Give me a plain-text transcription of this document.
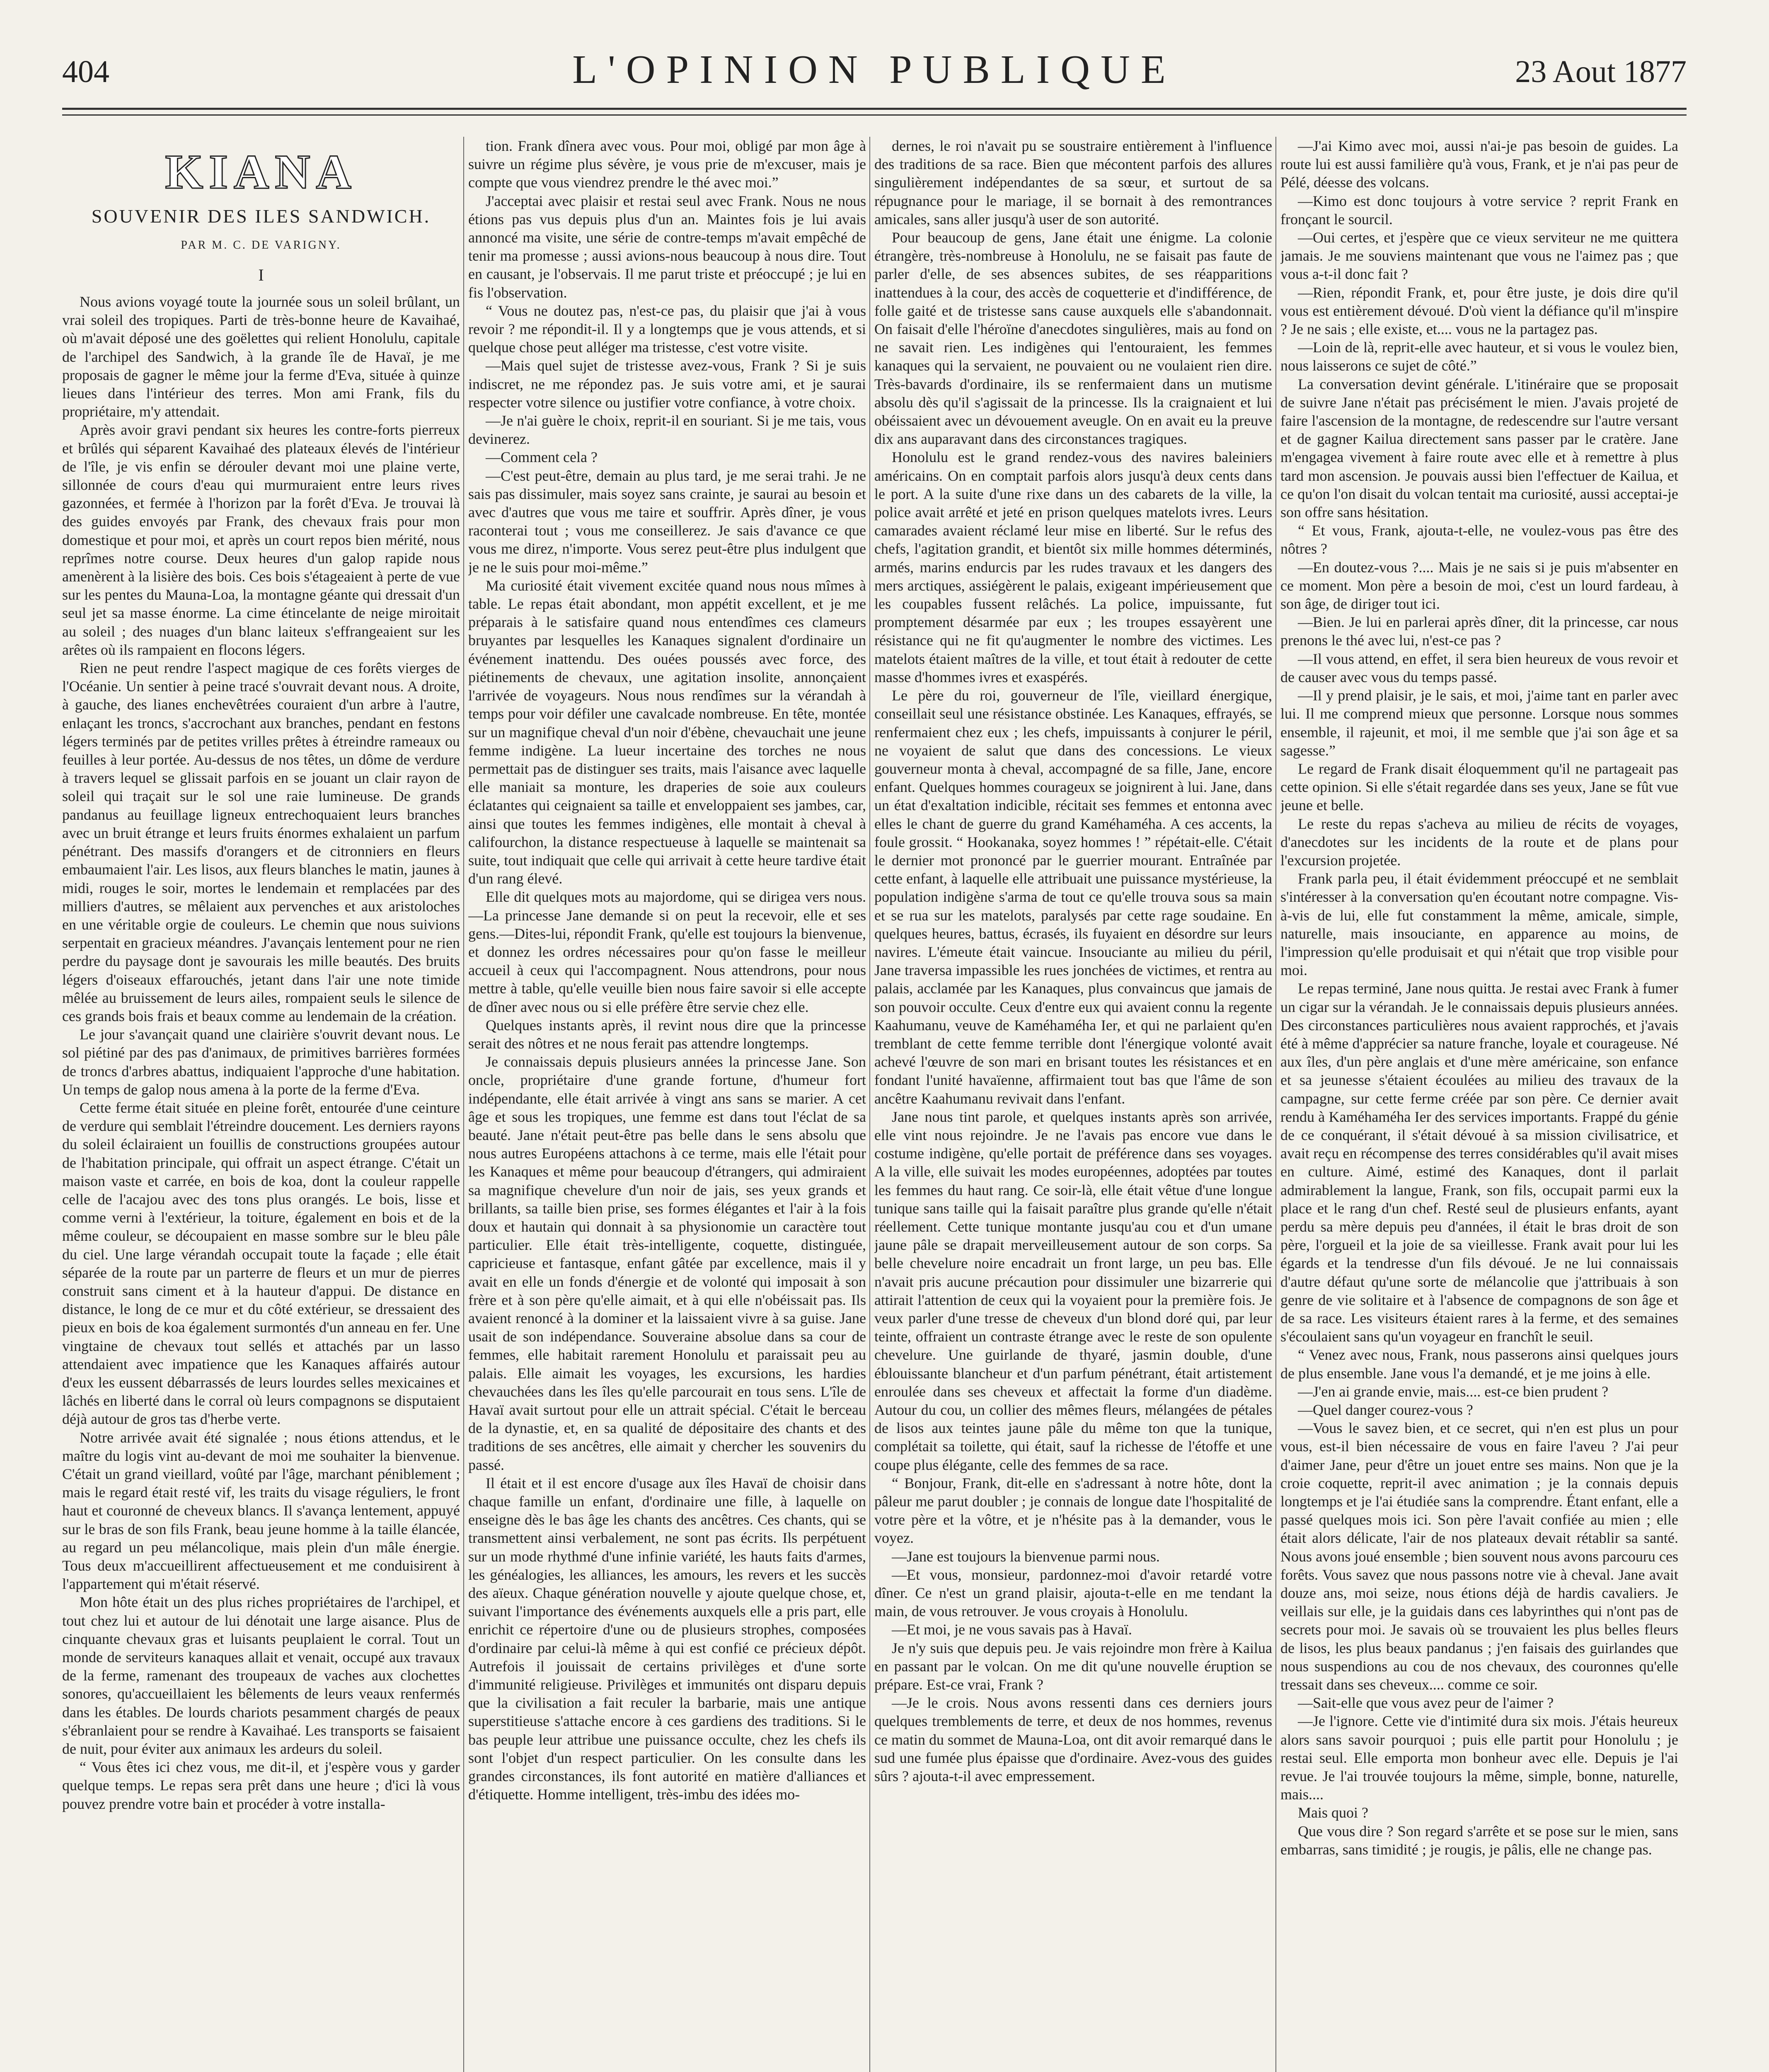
404	L'OPINION PUBLIQUE	23 Aout 1877

KIANA

SOUVENIR DES ILES SANDWICH.

PAR M. C. DE VARIGNY.

I

Nous avions voyagé toute la journée sous un soleil brûlant, un vrai soleil des tropiques. Parti de très-bonne heure de Kavaihaé, où m'avait déposé une des goëlettes qui relient Honolulu, capitale de l'archipel des Sandwich, à la grande île de Havaï, je me proposais de gagner le même jour la ferme d'Eva, située à quinze lieues dans l'intérieur des terres. Mon ami Frank, fils du propriétaire, m'y attendait.

Après avoir gravi pendant six heures les contre-forts pierreux et brûlés qui séparent Kavaihaé des plateaux élevés de l'intérieur de l'île, je vis enfin se dérouler devant moi une plaine verte, sillonnée de cours d'eau qui murmuraient entre leurs rives gazonnées, et fermée à l'horizon par la forêt d'Eva. Je trouvai là des guides envoyés par Frank, des chevaux frais pour mon domestique et pour moi, et après un court repos bien mérité, nous reprîmes notre course. Deux heures d'un galop rapide nous amenèrent à la lisière des bois. Ces bois s'étageaient à perte de vue sur les pentes du Mauna-Loa, la montagne géante qui dressait d'un seul jet sa masse énorme. La cime étincelante de neige miroitait au soleil ; des nuages d'un blanc laiteux s'effrangeaient sur les arêtes où ils rampaient en flocons légers.

Rien ne peut rendre l'aspect magique de ces forêts vierges de l'Océanie. Un sentier à peine tracé s'ouvrait devant nous. A droite, à gauche, des lianes enchevêtrées couraient d'un arbre à l'autre, enlaçant les troncs, s'accrochant aux branches, pendant en festons légers terminés par de petites vrilles prêtes à étreindre rameaux ou feuilles à leur portée. Au-dessus de nos têtes, un dôme de verdure à travers lequel se glissait parfois en se jouant un clair rayon de soleil qui traçait sur le sol une raie lumineuse. De grands pandanus au feuillage ligneux entrechoquaient leurs branches avec un bruit étrange et leurs fruits énormes exhalaient un parfum pénétrant. Des massifs d'orangers et de citronniers en fleurs embaumaient l'air. Les lisos, aux fleurs blanches le matin, jaunes à midi, rouges le soir, mortes le lendemain et remplacées par des milliers d'autres, se mêlaient aux pervenches et aux aristoloches en une véritable orgie de couleurs. Le chemin que nous suivions serpentait en gracieux méandres. J'avançais lentement pour ne rien perdre du paysage dont je savourais les mille beautés. Des bruits légers d'oiseaux effarouchés, jetant dans l'air une note timide mêlée au bruissement de leurs ailes, rompaient seuls le silence de ces grands bois frais et beaux comme au lendemain de la création.

Le jour s'avançait quand une clairière s'ouvrit devant nous. Le sol piétiné par des pas d'animaux, de primitives barrières formées de troncs d'arbres abattus, indiquaient l'approche d'une habitation. Un temps de galop nous amena à la porte de la ferme d'Eva.

Cette ferme était située en pleine forêt, entourée d'une ceinture de verdure qui semblait l'étreindre doucement. Les derniers rayons du soleil éclairaient un fouillis de constructions groupées autour de l'habitation principale, qui offrait un aspect étrange. C'était un maison vaste et carrée, en bois de koa, dont la couleur rappelle celle de l'acajou avec des tons plus orangés. Le bois, lisse et comme verni à l'extérieur, la toiture, également en bois et de la même couleur, se découpaient en masse sombre sur le bleu pâle du ciel. Une large vérandah occupait toute la façade ; elle était séparée de la route par un parterre de fleurs et un mur de pierres construit sans ciment et à la hauteur d'appui. De distance en distance, le long de ce mur et du côté extérieur, se dressaient des pieux en bois de koa également surmontés d'un anneau en fer. Une vingtaine de chevaux tout sellés et attachés par un lasso attendaient avec impatience que les Kanaques affairés autour d'eux les eussent débarrassés de leurs lourdes selles mexicaines et lâchés en liberté dans le corral où leurs compagnons se disputaient déjà autour de gros tas d'herbe verte.

Notre arrivée avait été signalée ; nous étions attendus, et le maître du logis vint au-devant de moi me souhaiter la bienvenue. C'était un grand vieillard, voûté par l'âge, marchant péniblement ; mais le regard était resté vif, les traits du visage réguliers, le front haut et couronné de cheveux blancs. Il s'avança lentement, appuyé sur le bras de son fils Frank, beau jeune homme à la taille élancée, au regard un peu mélancolique, mais plein d'un mâle énergie. Tous deux m'accueillirent affectueusement et me conduisirent à l'appartement qui m'était réservé.

Mon hôte était un des plus riches propriétaires de l'archipel, et tout chez lui et autour de lui dénotait une large aisance. Plus de cinquante chevaux gras et luisants peuplaient le corral. Tout un monde de serviteurs kanaques allait et venait, occupé aux travaux de la ferme, ramenant des troupeaux de vaches aux clochettes sonores, qu'accueillaient les bêlements de leurs veaux renfermés dans les étables. De lourds chariots pesamment chargés de peaux s'ébranlaient pour se rendre à Kavaihaé. Les transports se faisaient de nuit, pour éviter aux animaux les ardeurs du soleil.

“ Vous êtes ici chez vous, me dit-il, et j'espère vous y garder quelque temps. Le repas sera prêt dans une heure ; d'ici là vous pouvez prendre votre bain et procéder à votre installa-

tion. Frank dînera avec vous. Pour moi, obligé par mon âge à suivre un régime plus sévère, je vous prie de m'excuser, mais je compte que vous viendrez prendre le thé avec moi.”

J'acceptai avec plaisir et restai seul avec Frank. Nous ne nous étions pas vus depuis plus d'un an. Maintes fois je lui avais annoncé ma visite, une série de contre-temps m'avait empêché de tenir ma promesse ; aussi avions-nous beaucoup à nous dire. Tout en causant, je l'observais. Il me parut triste et préoccupé ; je lui en fis l'observation.

“ Vous ne doutez pas, n'est-ce pas, du plaisir que j'ai à vous revoir ? me répondit-il. Il y a longtemps que je vous attends, et si quelque chose peut alléger ma tristesse, c'est votre visite.

—Mais quel sujet de tristesse avez-vous, Frank ? Si je suis indiscret, ne me répondez pas. Je suis votre ami, et je saurai respecter votre silence ou justifier votre confiance, à votre choix.

—Je n'ai guère le choix, reprit-il en souriant. Si je me tais, vous devinerez.

—Comment cela ?

—C'est peut-être, demain au plus tard, je me serai trahi. Je ne sais pas dissimuler, mais soyez sans crainte, je saurai au besoin et avec d'autres que vous me taire et souffrir. Après dîner, je vous raconterai tout ; vous me conseillerez. Je sais d'avance ce que vous me direz, n'importe. Vous serez peut-être plus indulgent que je ne le suis pour moi-même.”

Ma curiosité était vivement excitée quand nous nous mîmes à table. Le repas était abondant, mon appétit excellent, et je me préparais à le satisfaire quand nous entendîmes ces clameurs bruyantes par lesquelles les Kanaques signalent d'ordinaire un événement inattendu. Des ouées poussés avec force, des piétinements de chevaux, une agitation insolite, annonçaient l'arrivée de voyageurs. Nous nous rendîmes sur la vérandah à temps pour voir défiler une cavalcade nombreuse. En tête, montée sur un magnifique cheval d'un noir d'ébène, chevauchait une jeune femme indigène. La lueur incertaine des torches ne nous permettait pas de distinguer ses traits, mais l'aisance avec laquelle elle maniait sa monture, les draperies de soie aux couleurs éclatantes qui ceignaient sa taille et enveloppaient ses jambes, car, ainsi que toutes les femmes indigènes, elle montait à cheval à califourchon, la distance respectueuse à laquelle se maintenait sa suite, tout indiquait que celle qui arrivait à cette heure tardive était d'un rang élevé.

Elle dit quelques mots au majordome, qui se dirigea vers nous.—La princesse Jane demande si on peut la recevoir, elle et ses gens.—Dites-lui, répondit Frank, qu'elle est toujours la bienvenue, et donnez les ordres nécessaires pour qu'on fasse le meilleur accueil à ceux qui l'accompagnent. Nous attendrons, pour nous mettre à table, qu'elle veuille bien nous faire savoir si elle accepte de dîner avec nous ou si elle préfère être servie chez elle.

Quelques instants après, il revint nous dire que la princesse serait des nôtres et ne nous ferait pas attendre longtemps.

Je connaissais depuis plusieurs années la princesse Jane. Son oncle, propriétaire d'une grande fortune, d'humeur fort indépendante, elle était arrivée à vingt ans sans se marier. A cet âge et sous les tropiques, une femme est dans tout l'éclat de sa beauté. Jane n'était peut-être pas belle dans le sens absolu que nous autres Européens attachons à ce terme, mais elle l'était pour les Kanaques et même pour beaucoup d'étrangers, qui admiraient sa magnifique chevelure d'un noir de jais, ses yeux grands et brillants, sa taille bien prise, ses formes élégantes et l'air à la fois doux et hautain qui donnait à sa physionomie un caractère tout particulier. Elle était très-intelligente, coquette, distinguée, capricieuse et fantasque, enfant gâtée par excellence, mais il y avait en elle un fonds d'énergie et de volonté qui imposait à son frère et à son père qu'elle aimait, et à qui elle n'obéissait pas. Ils avaient renoncé à la dominer et la laissaient vivre à sa guise. Jane usait de son indépendance. Souveraine absolue dans sa cour de femmes, elle habitait rarement Honolulu et paraissait peu au palais. Elle aimait les voyages, les excursions, les hardies chevauchées dans les îles qu'elle parcourait en tous sens. L'île de Havaï avait surtout pour elle un attrait spécial. C'était le berceau de la dynastie, et, en sa qualité de dépositaire des chants et des traditions de ses ancêtres, elle aimait y chercher les souvenirs du passé.

Il était et il est encore d'usage aux îles Havaï de choisir dans chaque famille un enfant, d'ordinaire une fille, à laquelle on enseigne dès le bas âge les chants des ancêtres. Ces chants, qui se transmettent ainsi verbalement, ne sont pas écrits. Ils perpétuent sur un mode rhythmé d'une infinie variété, les hauts faits d'armes, les généalogies, les alliances, les amours, les revers et les succès des aïeux. Chaque génération nouvelle y ajoute quelque chose, et, suivant l'importance des événements auxquels elle a pris part, elle enrichit ce répertoire d'une ou de plusieurs strophes, composées d'ordinaire par celui-là même à qui est confié ce précieux dépôt. Autrefois il jouissait de certains privilèges et d'une sorte d'immunité religieuse. Privilèges et immunités ont disparu depuis que la civilisation a fait reculer la barbarie, mais une antique superstitieuse s'attache encore à ces gardiens des traditions. Si le bas peuple leur attribue une puissance occulte, chez les chefs ils sont l'objet d'un respect particulier. On les consulte dans les grandes circonstances, ils font autorité en matière d'alliances et d'étiquette. Homme intelligent, très-imbu des idées mo-

dernes, le roi n'avait pu se soustraire entièrement à l'influence des traditions de sa race. Bien que mécontent parfois des allures singulièrement indépendantes de sa sœur, et surtout de sa répugnance pour le mariage, il se bornait à des remontrances amicales, sans aller jusqu'à user de son autorité.

Pour beaucoup de gens, Jane était une énigme. La colonie étrangère, très-nombreuse à Honolulu, ne se faisait pas faute de parler d'elle, de ses absences subites, de ses réapparitions inattendues à la cour, des accès de coquetterie et d'indifférence, de folle gaité et de tristesse sans cause auxquels elle s'abandonnait. On faisait d'elle l'héroïne d'anecdotes singulières, mais au fond on ne savait rien. Les indigènes qui l'entouraient, les femmes kanaques qui la servaient, ne pouvaient ou ne voulaient rien dire. Très-bavards d'ordinaire, ils se renfermaient dans un mutisme absolu dès qu'il s'agissait de la princesse. Ils la craignaient et lui obéissaient avec un dévouement aveugle. On en avait eu la preuve dix ans auparavant dans des circonstances tragiques.

Honolulu est le grand rendez-vous des navires baleiniers américains. On en comptait parfois alors jusqu'à deux cents dans le port. A la suite d'une rixe dans un des cabarets de la ville, la police avait arrêté et jeté en prison quelques matelots ivres. Leurs camarades avaient réclamé leur mise en liberté. Sur le refus des chefs, l'agitation grandit, et bientôt six mille hommes déterminés, armés, marins endurcis par les rudes travaux et les dangers des mers arctiques, assiégèrent le palais, exigeant impérieusement que les coupables fussent relâchés. La police, impuissante, fut promptement désarmée par eux ; les troupes essayèrent une résistance qui ne fit qu'augmenter le nombre des victimes. Les matelots étaient maîtres de la ville, et tout était à redouter de cette masse d'hommes ivres et exaspérés.

Le père du roi, gouverneur de l'île, vieillard énergique, conseillait seul une résistance obstinée. Les Kanaques, effrayés, se renfermaient chez eux ; les chefs, impuissants à conjurer le péril, ne voyaient de salut que dans des concessions. Le vieux gouverneur monta à cheval, accompagné de sa fille, Jane, encore enfant. Quelques hommes courageux se joignirent à lui. Jane, dans un état d'exaltation indicible, récitait ses femmes et entonna avec elles le chant de guerre du grand Kaméhaméha. A ces accents, la foule grossit. “ Hookanaka, soyez hommes ! ” répétait-elle. C'était le dernier mot prononcé par le guerrier mourant. Entraînée par cette enfant, à laquelle elle attribuait une puissance mystérieuse, la population indigène s'arma de tout ce qu'elle trouva sous sa main et se rua sur les matelots, paralysés par cette rage soudaine. En quelques heures, battus, écrasés, ils fuyaient en désordre sur leurs navires. L'émeute était vaincue. Insouciante au milieu du péril, Jane traversa impassible les rues jonchées de victimes, et rentra au palais, acclamée par les Kanaques, plus convaincus que jamais de son pouvoir occulte. Ceux d'entre eux qui avaient connu la regente Kaahumanu, veuve de Kaméhaméha Ier, et qui ne parlaient qu'en tremblant de cette femme terrible dont l'énergique volonté avait achevé l'œuvre de son mari en brisant toutes les résistances et en fondant l'unité havaïenne, affirmaient tout bas que l'âme de son ancêtre Kaahumanu revivait dans l'enfant.

Jane nous tint parole, et quelques instants après son arrivée, elle vint nous rejoindre. Je ne l'avais pas encore vue dans le costume indigène, qu'elle portait de préférence dans ses voyages. A la ville, elle suivait les modes européennes, adoptées par toutes les femmes du haut rang. Ce soir-là, elle était vêtue d'une longue tunique sans taille qui la faisait paraître plus grande qu'elle n'était réellement. Cette tunique montante jusqu'au cou et d'un umane jaune pâle se drapait merveilleusement autour de son corps. Sa belle chevelure noire encadrait un front large, un peu bas. Elle n'avait pris aucune précaution pour dissimuler une bizarrerie qui attirait l'attention de ceux qui la voyaient pour la première fois. Je veux parler d'une tresse de cheveux d'un blond doré qui, par leur teinte, offraient un contraste étrange avec le reste de son opulente chevelure. Une guirlande de thyaré, jasmin double, d'une éblouissante blancheur et d'un parfum pénétrant, était artistement enroulée dans ses cheveux et affectait la forme d'un diadème. Autour du cou, un collier des mêmes fleurs, mélangées de pétales de lisos aux teintes jaune pâle du même ton que la tunique, complétait sa toilette, qui était, sauf la richesse de l'étoffe et une coupe plus élégante, celle des femmes de sa race.

“ Bonjour, Frank, dit-elle en s'adressant à notre hôte, dont la pâleur me parut doubler ; je connais de longue date l'hospitalité de votre père et la vôtre, et je n'hésite pas à la demander, vous le voyez.

—Jane est toujours la bienvenue parmi nous.

—Et vous, monsieur, pardonnez-moi d'avoir retardé votre dîner. Ce n'est un grand plaisir, ajouta-t-elle en me tendant la main, de vous retrouver. Je vous croyais à Honolulu.

—Et moi, je ne vous savais pas à Havaï.

Je n'y suis que depuis peu. Je vais rejoindre mon frère à Kailua en passant par le volcan. On me dit qu'une nouvelle éruption se prépare. Est-ce vrai, Frank ?

—Je le crois. Nous avons ressenti dans ces derniers jours quelques tremblements de terre, et deux de nos hommes, revenus ce matin du sommet de Mauna-Loa, ont dit avoir remarqué dans le sud une fumée plus épaisse que d'ordinaire. Avez-vous des guides sûrs ? ajouta-t-il avec empressement.

—J'ai Kimo avec moi, aussi n'ai-je pas besoin de guides. La route lui est aussi familière qu'à vous, Frank, et je n'ai pas peur de Pélé, déesse des volcans.

—Kimo est donc toujours à votre service ? reprit Frank en fronçant le sourcil.

—Oui certes, et j'espère que ce vieux serviteur ne me quittera jamais. Je me souviens maintenant que vous ne l'aimez pas ; que vous a-t-il donc fait ?

—Rien, répondit Frank, et, pour être juste, je dois dire qu'il vous est entièrement dévoué. D'où vient la défiance qu'il m'inspire ? Je ne sais ; elle existe, et.... vous ne la partagez pas.

—Loin de là, reprit-elle avec hauteur, et si vous le voulez bien, nous laisserons ce sujet de côté.”

La conversation devint générale. L'itinéraire que se proposait de suivre Jane n'était pas précisément le mien. J'avais projeté de faire l'ascension de la montagne, de redescendre sur l'autre versant et de gagner Kailua directement sans passer par le cratère. Jane m'engagea vivement à faire route avec elle et à remettre à plus tard mon ascension. Je pouvais aussi bien l'effectuer de Kailua, et ce qu'on l'on disait du volcan tentait ma curiosité, aussi acceptai-je son offre sans hésitation.

“ Et vous, Frank, ajouta-t-elle, ne voulez-vous pas être des nôtres ?

—En doutez-vous ?.... Mais je ne sais si je puis m'absenter en ce moment. Mon père a besoin de moi, c'est un lourd fardeau, à son âge, de diriger tout ici.

—Bien. Je lui en parlerai après dîner, dit la princesse, car nous prenons le thé avec lui, n'est-ce pas ?

—Il vous attend, en effet, il sera bien heureux de vous revoir et de causer avec vous du temps passé.

—Il y prend plaisir, je le sais, et moi, j'aime tant en parler avec lui. Il me comprend mieux que personne. Lorsque nous sommes ensemble, il rajeunit, et moi, il me semble que j'ai son âge et sa sagesse.”

Le regard de Frank disait éloquemment qu'il ne partageait pas cette opinion. Si elle s'était regardée dans ses yeux, Jane se fût vue jeune et belle.

Le reste du repas s'acheva au milieu de récits de voyages, d'anecdotes sur les incidents de la route et de plans pour l'excursion projetée.

Frank parla peu, il était évidemment préoccupé et ne semblait s'intéresser à la conversation qu'en écoutant notre compagne. Vis-à-vis de lui, elle fut constamment la même, amicale, simple, naturelle, mais insouciante, en apparence au moins, de l'impression qu'elle produisait et qui n'était que trop visible pour moi.

Le repas terminé, Jane nous quitta. Je restai avec Frank à fumer un cigar sur la vérandah. Je le connaissais depuis plusieurs années. Des circonstances particulières nous avaient rapprochés, et j'avais été à même d'apprécier sa nature franche, loyale et courageuse. Né aux îles, d'un père anglais et d'une mère américaine, son enfance et sa jeunesse s'étaient écoulées au milieu des travaux de la campagne, sur cette ferme créée par son père. Ce dernier avait rendu à Kaméhaméha Ier des services importants. Frappé du génie de ce conquérant, il s'était dévoué à sa mission civilisatrice, et avait reçu en récompense des terres considérables qu'il avait mises en culture. Aimé, estimé des Kanaques, dont il parlait admirablement la langue, Frank, son fils, occupait parmi eux la place et le rang d'un chef. Resté seul de plusieurs enfants, ayant perdu sa mère depuis peu d'années, il était le bras droit de son père, l'orgueil et la joie de sa vieillesse. Frank avait pour lui les égards et la tendresse d'un fils dévoué. Je ne lui connaissais d'autre défaut qu'une sorte de mélancolie que j'attribuais à son genre de vie solitaire et à l'absence de compagnons de son âge et de sa race. Les visiteurs étaient rares à la ferme, et des semaines s'écoulaient sans qu'un voyageur en franchît le seuil.

“ Venez avec nous, Frank, nous passerons ainsi quelques jours de plus ensemble. Jane vous l'a demandé, et je me joins à elle.

—J'en ai grande envie, mais.... est-ce bien prudent ?

—Quel danger courez-vous ?

—Vous le savez bien, et ce secret, qui n'en est plus un pour vous, est-il bien nécessaire de vous en faire l'aveu ? J'ai peur d'aimer Jane, peur d'être un jouet entre ses mains. Non que je la croie coquette, reprit-il avec animation ; je la connais depuis longtemps et je l'ai étudiée sans la comprendre. Étant enfant, elle a passé quelques mois ici. Son père l'avait confiée au mien ; elle était alors délicate, l'air de nos plateaux devait rétablir sa santé. Nous avons joué ensemble ; bien souvent nous avons parcouru ces forêts. Vous savez que nous passons notre vie à cheval. Jane avait douze ans, moi seize, nous étions déjà de hardis cavaliers. Je veillais sur elle, je la guidais dans ces labyrinthes qui n'ont pas de secrets pour moi. Je savais où se trouvaient les plus belles fleurs de lisos, les plus beaux pandanus ; j'en faisais des guirlandes que nous suspendions au cou de nos chevaux, des couronnes qu'elle tressait dans ses cheveux.... comme ce soir.

—Sait-elle que vous avez peur de l'aimer ?

—Je l'ignore. Cette vie d'intimité dura six mois. J'étais heureux alors sans savoir pourquoi ; puis elle partit pour Honolulu ; je restai seul. Elle emporta mon bonheur avec elle. Depuis je l'ai revue. Je l'ai trouvée toujours la même, simple, bonne, naturelle, mais....

Mais quoi ?

Que vous dire ? Son regard s'arrête et se pose sur le mien, sans embarras, sans timidité ; je rougis, je pâlis, elle ne change pas.
